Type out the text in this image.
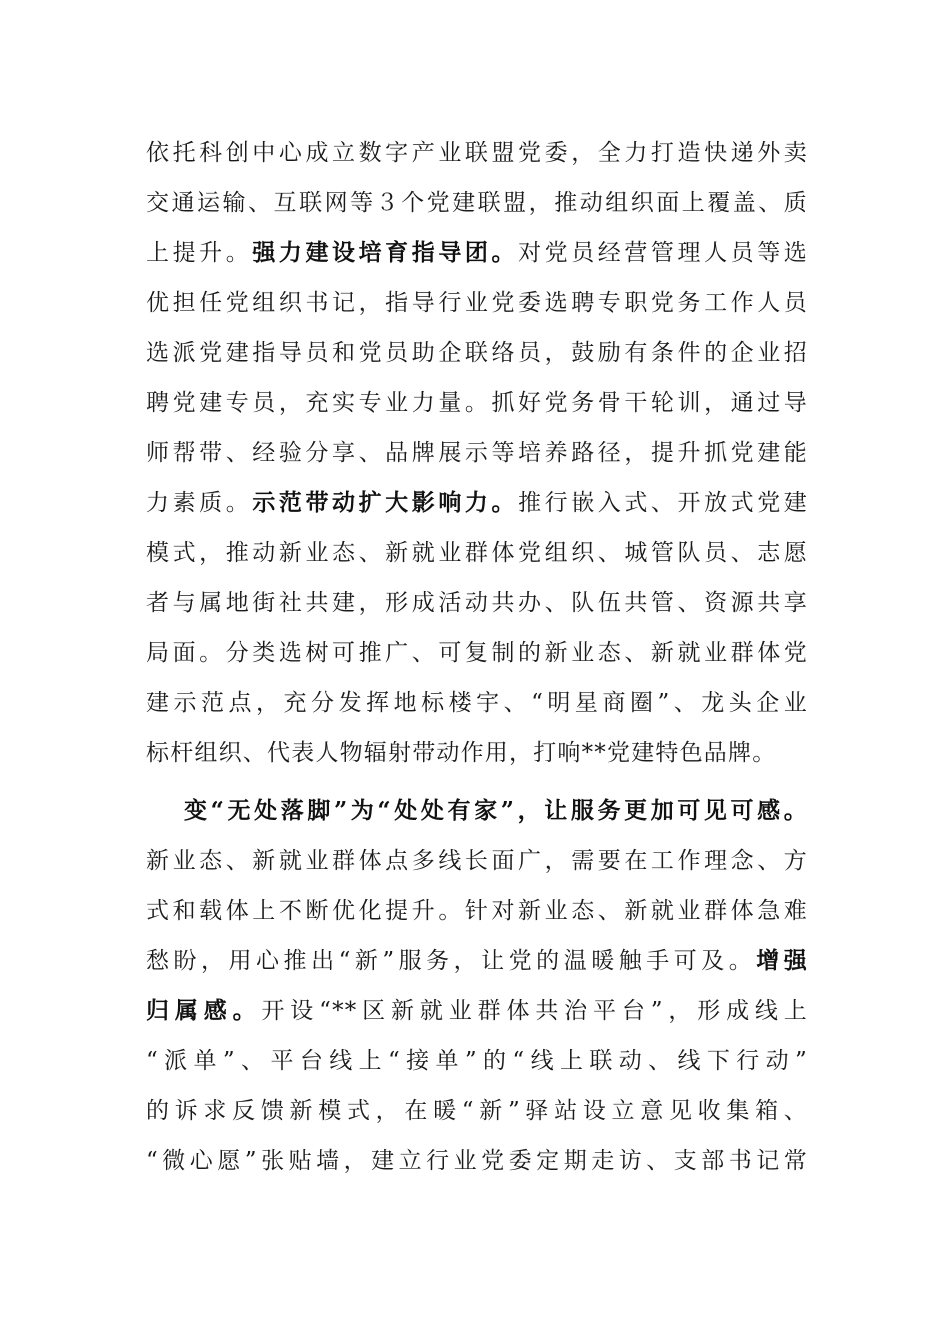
依托科创中心成立数字产业联盟党委，全力打造快递外卖
交通运输、互联网等３个党建联盟，推动组织面上覆盖、质
上提升。强力建设培育指导团。对党员经营管理人员等选
优担任党组织书记，指导行业党委选聘专职党务工作人员
选派党建指导员和党员助企联络员，鼓励有条件的企业招
聘党建专员，充实专业力量。抓好党务骨干轮训，通过导
师帮带、经验分享、品牌展示等培养路径，提升抓党建能
力素质。示范带动扩大影响力。推行嵌入式、开放式党建
模式，推动新业态、新就业群体党组织、城管队员、志愿
者与属地街社共建，形成活动共办、队伍共管、资源共享
局面。分类选树可推广、可复制的新业态、新就业群体党
建示范点，充分发挥地标楼宇、“明星商圈”、龙头企业
标杆组织、代表人物辐射带动作用，打响**党建特色品牌。
变“无处落脚”为“处处有家”，让服务更加可见可感。
新业态、新就业群体点多线长面广，需要在工作理念、方
式和载体上不断优化提升。针对新业态、新就业群体急难
愁盼，用心推出“新”服务，让党的温暖触手可及。增强
归属感。开设“**区新就业群体共治平台”，形成线上
“派单”、平台线上“接单”的“线上联动、线下行动”
的诉求反馈新模式，在暖“新”驿站设立意见收集箱、
“微心愿”张贴墙，建立行业党委定期走访、支部书记常
